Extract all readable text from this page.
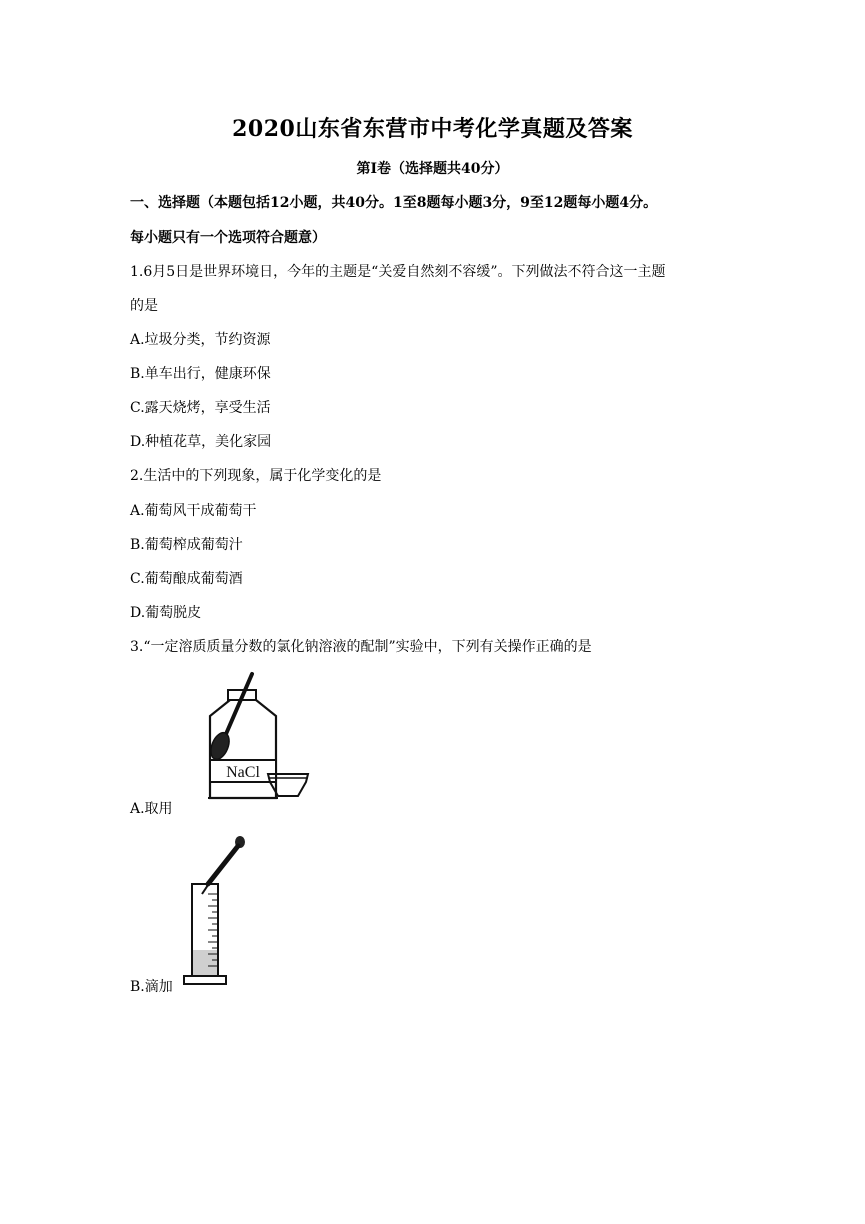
2020山东省东营市中考化学真题及答案
第Ⅰ卷（选择题共40分）
一、选择题（本题包括12小题，共40分。1至8题每小题3分，9至12题每小题4分。
每小题只有一个选项符合题意）
1.6月5日是世界环境日，今年的主题是“关爱自然刻不容缓”。下列做法不符合这一主题
的是
A.垃圾分类，节约资源
B.单车出行，健康环保
C.露天烧烤，享受生活
D.种植花草，美化家园
2.生活中的下列现象，属于化学变化的是
A.葡萄风干成葡萄干
B.葡萄榨成葡萄汁
C.葡萄酿成葡萄酒
D.葡萄脱皮
3.“一定溶质质量分数的氯化钠溶液的配制”实验中，下列有关操作正确的是
NaCl
A.取用
B.滴加
